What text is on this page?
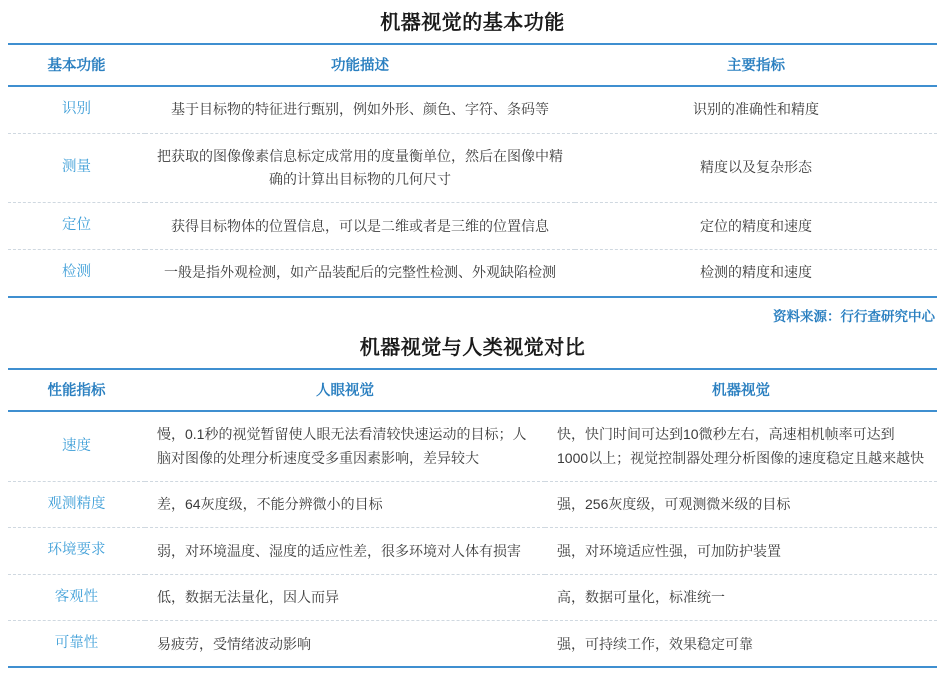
机器视觉的基本功能
基本功能	功能描述	主要指标
识别	基于目标物的特征进行甄别，例如外形、颜色、字符、条码等	识别的准确性和精度
测量	把获取的图像像素信息标定成常用的度量衡单位，然后在图像中精确的计算出目标物的几何尺寸	精度以及复杂形态
定位	获得目标物体的位置信息，可以是二维或者是三维的位置信息	定位的精度和速度
检测	一般是指外观检测，如产品装配后的完整性检测、外观缺陷检测	检测的精度和速度
资料来源：行行查研究中心
机器视觉与人类视觉对比
性能指标	人眼视觉	机器视觉
速度	慢，0.1秒的视觉暂留使人眼无法看清较快速运动的目标；人脑对图像的处理分析速度受多重因素影响，差异较大	快，快门时间可达到10微秒左右，高速相机帧率可达到1000以上；视觉控制器处理分析图像的速度稳定且越来越快
观测精度	差，64灰度级，不能分辨微小的目标	强，256灰度级，可观测微米级的目标
环境要求	弱，对环境温度、湿度的适应性差，很多环境对人体有损害	强，对环境适应性强，可加防护装置
客观性	低，数据无法量化，因人而异	高，数据可量化，标准统一
可靠性	易疲劳，受情绪波动影响	强，可持续工作，效果稳定可靠
